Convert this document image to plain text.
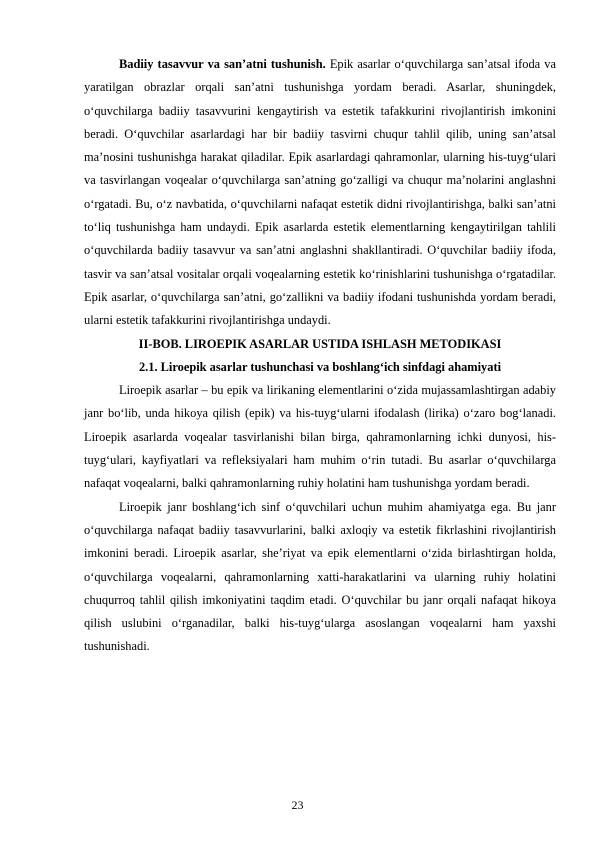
Badiiy tasavvur va san’atni tushunish. Epik asarlar o‘quvchilarga san’atsal ifoda va yaratilgan obrazlar orqali san’atni tushunishga yordam beradi. Asarlar, shuningdek, o‘quvchilarga badiiy tasavvurini kengaytirish va estetik tafakkurini rivojlantirish imkonini beradi. O‘quvchilar asarlardagi har bir badiiy tasvirni chuqur tahlil qilib, uning san’atsal ma’nosini tushunishga harakat qiladilar. Epik asarlardagi qahramonlar, ularning his-tuyg‘ulari va tasvirlangan voqealar o‘quvchilarga san’atning go‘zalligi va chuqur ma’nolarini anglashni o‘rgatadi. Bu, o‘z navbatida, o‘quvchilarni nafaqat estetik didni rivojlantirishga, balki san’atni to‘liq tushunishga ham undaydi. Epik asarlarda estetik elementlarning kengaytirilgan tahlili o‘quvchilarda badiiy tasavvur va san’atni anglashni shakllantiradi. O‘quvchilar badiiy ifoda, tasvir va san’atsal vositalar orqali voqealarning estetik ko‘rinishlarini tushunishga o‘rgatadilar. Epik asarlar, o‘quvchilarga san’atni, go‘zallikni va badiiy ifodani tushunishda yordam beradi, ularni estetik tafakkurini rivojlantirishga undaydi.

II-BOB. LIROEPIK ASARLAR USTIDA ISHLASH METODIKASI
2.1. Liroepik asarlar tushunchasi va boshlang‘ich sinfdagi ahamiyati

Liroepik asarlar – bu epik va lirikaning elementlarini o‘zida mujassamlashtirgan adabiy janr bo‘lib, unda hikoya qilish (epik) va his-tuyg‘ularni ifodalash (lirika) o‘zaro bog‘lanadi. Liroepik asarlarda voqealar tasvirlanishi bilan birga, qahramonlarning ichki dunyosi, his-tuyg‘ulari, kayfiyatlari va refleksiyalari ham muhim o‘rin tutadi. Bu asarlar o‘quvchilarga nafaqat voqealarni, balki qahramonlarning ruhiy holatini ham tushunishga yordam beradi.

Liroepik janr boshlang‘ich sinf o‘quvchilari uchun muhim ahamiyatga ega. Bu janr o‘quvchilarga nafaqat badiiy tasavvurlarini, balki axloqiy va estetik fikrlashini rivojlantirish imkonini beradi. Liroepik asarlar, she’riyat va epik elementlarni o‘zida birlashtirgan holda, o‘quvchilarga voqealarni, qahramonlarning xatti-harakatlarini va ularning ruhiy holatini chuqurroq tahlil qilish imkoniyatini taqdim etadi. O‘quvchilar bu janr orqali nafaqat hikoya qilish uslubini o‘rganadilar, balki his-tuyg‘ularga asoslangan voqealarni ham yaxshi tushunishadi.

23
